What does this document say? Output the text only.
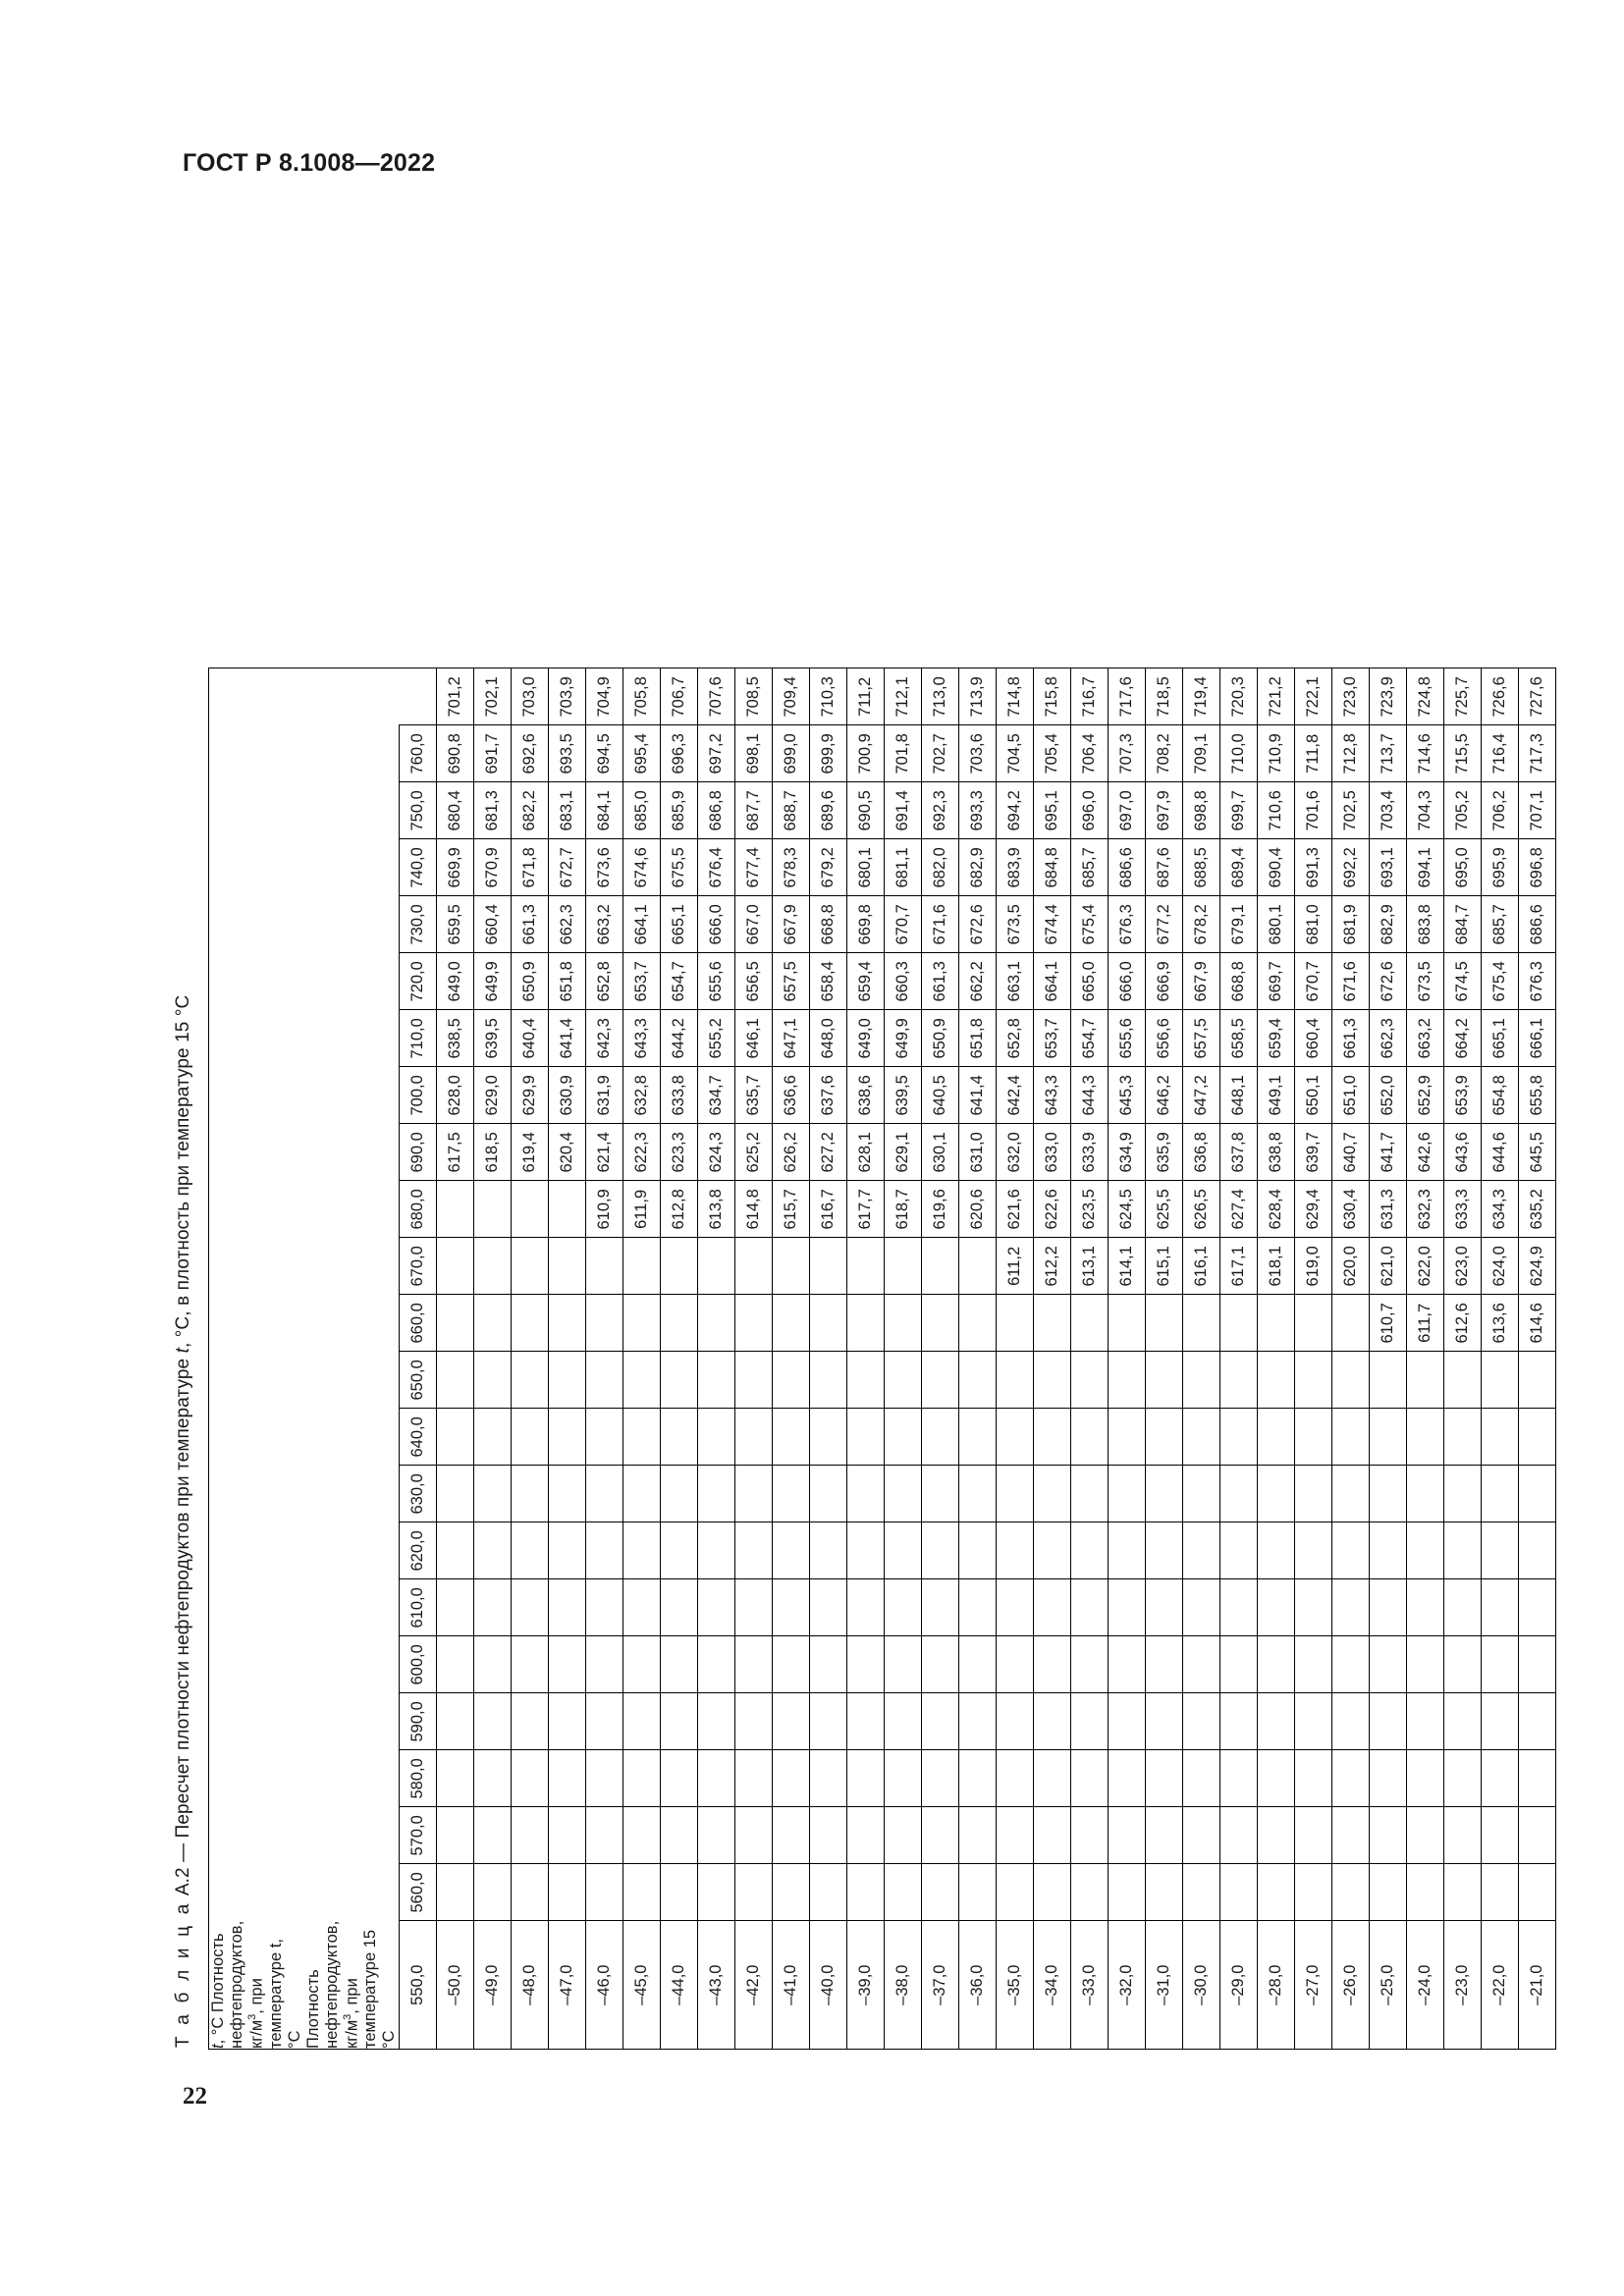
ГОСТ Р 8.1008—2022
22
Т а б л и ц а А.2 — Пересчет плотности нефтепродуктов при температуре t, °C, в плотность при температуре 15 °C
t, °C Плотность нефтепродуктов, $кг/м^3$, при температуре t, °C Плотность нефтепродуктов, $кг/м^3$, при температуре 15 °C
550,0	560,0	570,0	580,0	590,0	600,0	610,0	620,0	630,0	640,0	650,0	660,0	670,0	680,0	690,0	700,0	710,0	720,0	730,0	740,0	750,0	760,0	
–50,0														617,5	628,0	638,5	649,0	659,5	669,9	680,4	690,8	701,2
–49,0														618,5	629,0	639,5	649,9	660,4	670,9	681,3	691,7	702,1
–48,0														619,4	629,9	640,4	650,9	661,3	671,8	682,2	692,6	703,0
–47,0														620,4	630,9	641,4	651,8	662,3	672,7	683,1	693,5	703,9
–46,0													610,9	621,4	631,9	642,3	652,8	663,2	673,6	684,1	694,5	704,9
–45,0													611,9	622,3	632,8	643,3	653,7	664,1	674,6	685,0	695,4	705,8
–44,0													612,8	623,3	633,8	644,2	654,7	665,1	675,5	685,9	696,3	706,7
–43,0													613,8	624,3	634,7	655,2	655,6	666,0	676,4	686,8	697,2	707,6
–42,0													614,8	625,2	635,7	646,1	656,5	667,0	677,4	687,7	698,1	708,5
–41,0													615,7	626,2	636,6	647,1	657,5	667,9	678,3	688,7	699,0	709,4
–40,0													616,7	627,2	637,6	648,0	658,4	668,8	679,2	689,6	699,9	710,3
–39,0													617,7	628,1	638,6	649,0	659,4	669,8	680,1	690,5	700,9	711,2
–38,0													618,7	629,1	639,5	649,9	660,3	670,7	681,1	691,4	701,8	712,1
–37,0													619,6	630,1	640,5	650,9	661,3	671,6	682,0	692,3	702,7	713,0
–36,0													620,6	631,0	641,4	651,8	662,2	672,6	682,9	693,3	703,6	713,9
–35,0												611,2	621,6	632,0	642,4	652,8	663,1	673,5	683,9	694,2	704,5	714,8
–34,0												612,2	622,6	633,0	643,3	653,7	664,1	674,4	684,8	695,1	705,4	715,8
–33,0												613,1	623,5	633,9	644,3	654,7	665,0	675,4	685,7	696,0	706,4	716,7
–32,0												614,1	624,5	634,9	645,3	655,6	666,0	676,3	686,6	697,0	707,3	717,6
–31,0												615,1	625,5	635,9	646,2	656,6	666,9	677,2	687,6	697,9	708,2	718,5
–30,0												616,1	626,5	636,8	647,2	657,5	667,9	678,2	688,5	698,8	709,1	719,4
–29,0												617,1	627,4	637,8	648,1	658,5	668,8	679,1	689,4	699,7	710,0	720,3
–28,0												618,1	628,4	638,8	649,1	659,4	669,7	680,1	690,4	710,6	710,9	721,2
–27,0												619,0	629,4	639,7	650,1	660,4	670,7	681,0	691,3	701,6	711,8	722,1
–26,0												620,0	630,4	640,7	651,0	661,3	671,6	681,9	692,2	702,5	712,8	723,0
–25,0											610,7	621,0	631,3	641,7	652,0	662,3	672,6	682,9	693,1	703,4	713,7	723,9
–24,0											611,7	622,0	632,3	642,6	652,9	663,2	673,5	683,8	694,1	704,3	714,6	724,8
–23,0											612,6	623,0	633,3	643,6	653,9	664,2	674,5	684,7	695,0	705,2	715,5	725,7
–22,0											613,6	624,0	634,3	644,6	654,8	665,1	675,4	685,7	695,9	706,2	716,4	726,6
–21,0											614,6	624,9	635,2	645,5	655,8	666,1	676,3	686,6	696,8	707,1	717,3	727,6
